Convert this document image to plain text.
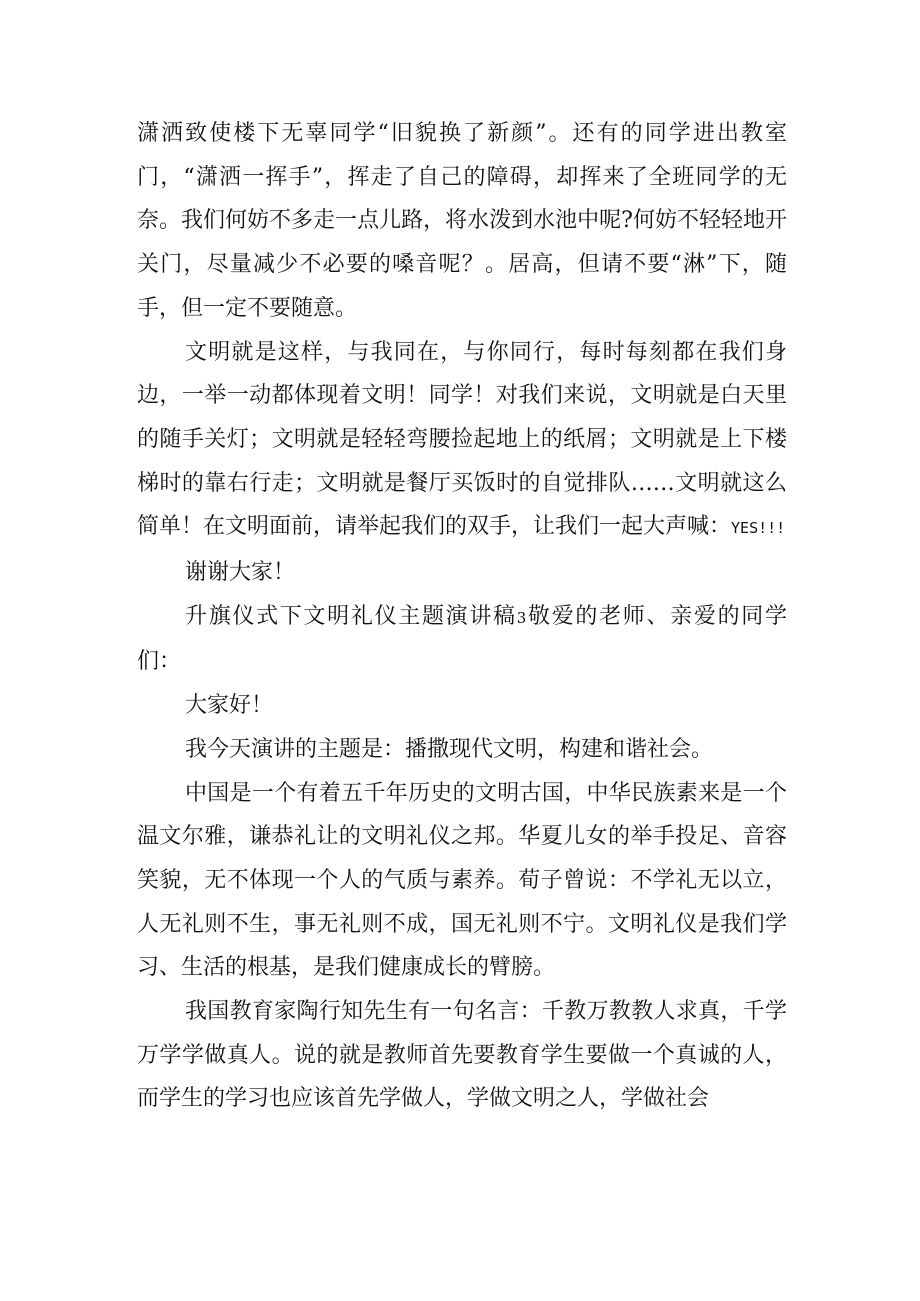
潇洒致使楼下无辜同学“旧貌换了新颜”。还有的同学进出教室门，“潇洒一挥手”，挥走了自己的障碍，却挥来了全班同学的无奈。我们何妨不多走一点儿路，将水泼到水池中呢?何妨不轻轻地开关门，尽量减少不必要的嗓音呢？。居高，但请不要“淋”下，随手，但一定不要随意。

文明就是这样，与我同在，与你同行，每时每刻都在我们身边，一举一动都体现着文明！同学！对我们来说，文明就是白天里的随手关灯；文明就是轻轻弯腰捡起地上的纸屑；文明就是上下楼梯时的靠右行走；文明就是餐厅买饭时的自觉排队……文明就这么简单！在文明面前，请举起我们的双手，让我们一起大声喊：YES!!!

谢谢大家！

升旗仪式下文明礼仪主题演讲稿3敬爱的老师、亲爱的同学们：

大家好！

我今天演讲的主题是：播撒现代文明，构建和谐社会。

中国是一个有着五千年历史的文明古国，中华民族素来是一个温文尔雅，谦恭礼让的文明礼仪之邦。华夏儿女的举手投足、音容笑貌，无不体现一个人的气质与素养。荀子曾说：不学礼无以立，人无礼则不生，事无礼则不成，国无礼则不宁。文明礼仪是我们学习、生活的根基，是我们健康成长的臂膀。

我国教育家陶行知先生有一句名言：千教万教教人求真，千学万学学做真人。说的就是教师首先要教育学生要做一个真诚的人，而学生的学习也应该首先学做人，学做文明之人，学做社会
